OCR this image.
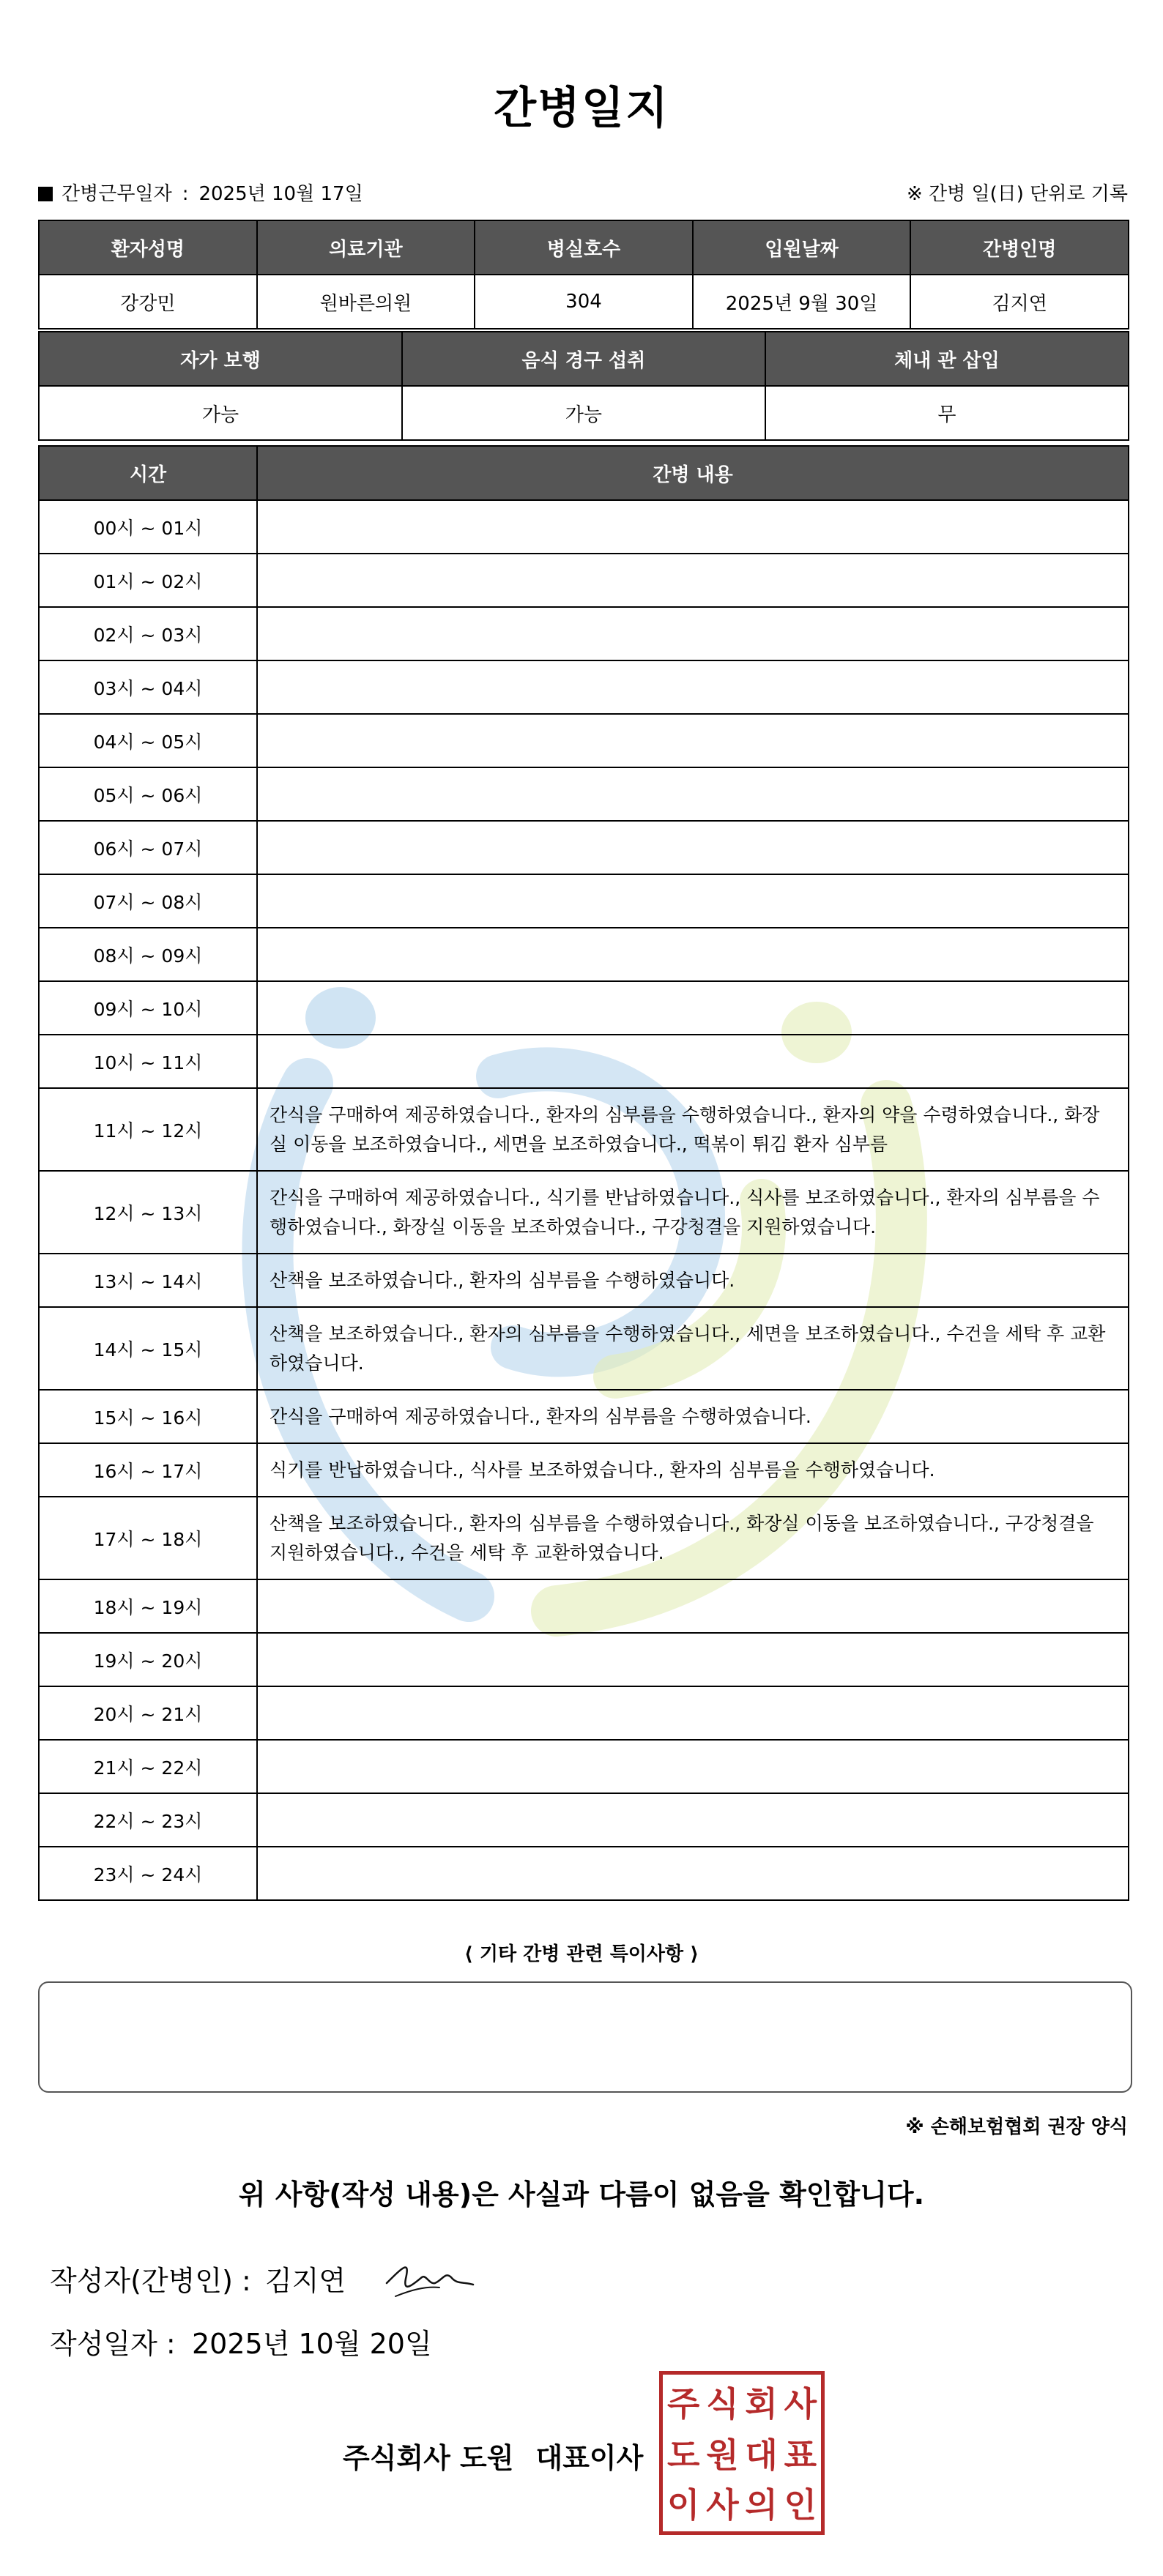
간병일지
간병근무일자 : 2025년 10월 17일	※ 간병 일(日) 단위로 기록
환자성명	의료기관	병실호수	입원날짜	간병인명
강강민	원바른의원	304	2025년 9월 30일	김지연
자가 보행	음식 경구 섭취	체내 관 삽입
가능	가능	무
시간	간병 내용
00시 ~ 01시	
01시 ~ 02시	
02시 ~ 03시	
03시 ~ 04시	
04시 ~ 05시	
05시 ~ 06시	
06시 ~ 07시	
07시 ~ 08시	
08시 ~ 09시	
09시 ~ 10시	
10시 ~ 11시	
11시 ~ 12시	간식을 구매하여 제공하였습니다., 환자의 심부름을 수행하였습니다., 환자의 약을 수령하였습니다., 화장실 이동을 보조하였습니다., 세면을 보조하였습니다., 떡볶이 튀김 환자 심부름
12시 ~ 13시	간식을 구매하여 제공하였습니다., 식기를 반납하였습니다., 식사를 보조하였습니다., 환자의 심부름을 수행하였습니다., 화장실 이동을 보조하였습니다., 구강청결을 지원하였습니다.
13시 ~ 14시	산책을 보조하였습니다., 환자의 심부름을 수행하였습니다.
14시 ~ 15시	산책을 보조하였습니다., 환자의 심부름을 수행하였습니다., 세면을 보조하였습니다., 수건을 세탁 후 교환하였습니다.
15시 ~ 16시	간식을 구매하여 제공하였습니다., 환자의 심부름을 수행하였습니다.
16시 ~ 17시	식기를 반납하였습니다., 식사를 보조하였습니다., 환자의 심부름을 수행하였습니다.
17시 ~ 18시	산책을 보조하였습니다., 환자의 심부름을 수행하였습니다., 화장실 이동을 보조하였습니다., 구강청결을 지원하였습니다., 수건을 세탁 후 교환하였습니다.
18시 ~ 19시	
19시 ~ 20시	
20시 ~ 21시	
21시 ~ 22시	
22시 ~ 23시	
23시 ~ 24시	
⟨ 기타 간병 관련 특이사항 ⟩
※ 손해보험협회 권장 양식
위 사항(작성 내용)은 사실과 다름이 없음을 확인합니다.
작성자(간병인) : 김지연
작성일자 : 2025년 10월 20일
주식회사 도원 대표이사
주 식 회 사
도 원 대 표
이 사 의 인
